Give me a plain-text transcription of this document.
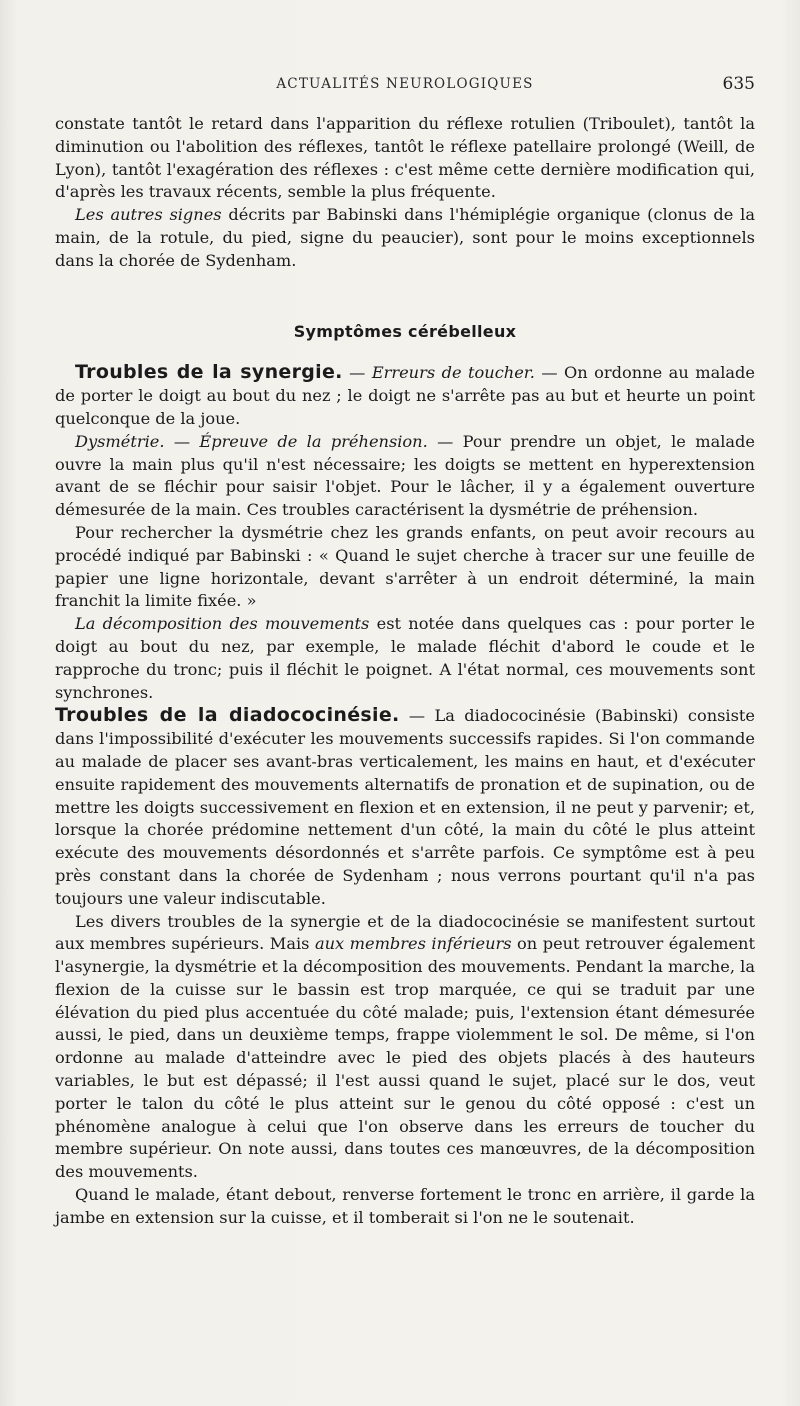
ACTUALITÉS NEUROLOGIQUES	635

constate tantôt le retard dans l'apparition du réflexe rotulien (Triboulet), tantôt la diminution ou l'abolition des réflexes, tantôt le réflexe patellaire prolongé (Weill, de Lyon), tantôt l'exagération des réflexes : c'est même cette dernière modification qui, d'après les travaux récents, semble la plus fréquente.

Les autres signes décrits par Babinski dans l'hémiplégie organique (clonus de la main, de la rotule, du pied, signe du peaucier), sont pour le moins exceptionnels dans la chorée de Sydenham.

Symptômes cérébelleux

Troubles de la synergie. — Erreurs de toucher. — On ordonne au malade de porter le doigt au bout du nez ; le doigt ne s'arrête pas au but et heurte un point quelconque de la joue.

Dysmétrie. — Épreuve de la préhension. — Pour prendre un objet, le malade ouvre la main plus qu'il n'est nécessaire; les doigts se mettent en hyperextension avant de se fléchir pour saisir l'objet. Pour le lâcher, il y a également ouverture démesurée de la main. Ces troubles caractérisent la dysmétrie de préhension.

Pour rechercher la dysmétrie chez les grands enfants, on peut avoir recours au procédé indiqué par Babinski : « Quand le sujet cherche à tracer sur une feuille de papier une ligne horizontale, devant s'arrêter à un endroit déterminé, la main franchit la limite fixée. »

La décomposition des mouvements est notée dans quelques cas : pour porter le doigt au bout du nez, par exemple, le malade fléchit d'abord le coude et le rapproche du tronc; puis il fléchit le poignet. A l'état normal, ces mouvements sont synchrones.

Troubles de la diadococinésie. — La diadococinésie (Babinski) consiste dans l'impossibilité d'exécuter les mouvements successifs rapides. Si l'on commande au malade de placer ses avant-bras verticalement, les mains en haut, et d'exécuter ensuite rapidement des mouvements alternatifs de pronation et de supination, ou de mettre les doigts successivement en flexion et en extension, il ne peut y parvenir; et, lorsque la chorée prédomine nettement d'un côté, la main du côté le plus atteint exécute des mouvements désordonnés et s'arrête parfois. Ce symptôme est à peu près constant dans la chorée de Sydenham ; nous verrons pourtant qu'il n'a pas toujours une valeur indiscutable.

Les divers troubles de la synergie et de la diadococinésie se manifestent surtout aux membres supérieurs. Mais aux membres inférieurs on peut retrouver également l'asynergie, la dysmétrie et la décomposition des mouvements. Pendant la marche, la flexion de la cuisse sur le bassin est trop marquée, ce qui se traduit par une élévation du pied plus accentuée du côté malade; puis, l'extension étant démesurée aussi, le pied, dans un deuxième temps, frappe violemment le sol. De même, si l'on ordonne au malade d'atteindre avec le pied des objets placés à des hauteurs variables, le but est dépassé; il l'est aussi quand le sujet, placé sur le dos, veut porter le talon du côté le plus atteint sur le genou du côté opposé : c'est un phénomène analogue à celui que l'on observe dans les erreurs de toucher du membre supérieur. On note aussi, dans toutes ces manœuvres, de la décomposition des mouvements.

Quand le malade, étant debout, renverse fortement le tronc en arrière, il garde la jambe en extension sur la cuisse, et il tomberait si l'on ne le soutenait.
